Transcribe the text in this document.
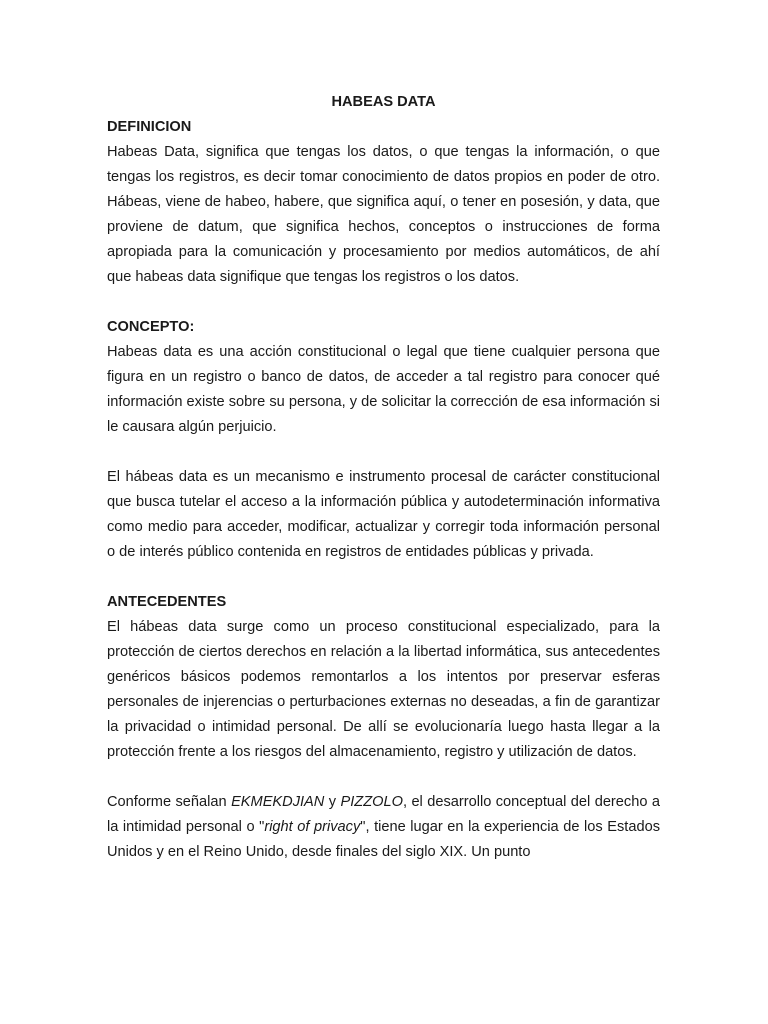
HABEAS DATA

DEFINICION

Habeas Data, significa que tengas los datos, o que tengas la información, o que tengas los registros, es decir tomar conocimiento de datos propios en poder de otro. Hábeas, viene de habeo, habere, que significa aquí, o tener en posesión, y data, que proviene de datum, que significa hechos, conceptos o instrucciones de forma apropiada para la comunicación y procesamiento por medios automáticos, de ahí que habeas data signifique que tengas los registros o los datos.

CONCEPTO:

Habeas data es una acción constitucional o legal que tiene cualquier persona que figura en un registro o banco de datos, de acceder a tal registro para conocer qué información existe sobre su persona, y de solicitar la corrección de esa información si le causara algún perjuicio.

El hábeas data es un mecanismo e instrumento procesal de carácter constitucional que busca tutelar el acceso a la información pública y autodeterminación informativa como medio para acceder, modificar, actualizar y corregir toda información personal o de interés público contenida en registros de entidades públicas y privada.

ANTECEDENTES

El hábeas data surge como un proceso constitucional especializado, para la protección de ciertos derechos en relación a la libertad informática, sus antecedentes genéricos básicos podemos remontarlos a los intentos por preservar esferas personales de injerencias o perturbaciones externas no deseadas, a fin de garantizar la privacidad o intimidad personal. De allí se evolucionaría luego hasta llegar a la protección frente a los riesgos del almacenamiento, registro y utilización de datos.

Conforme señalan EKMEKDJIAN y PIZZOLO, el desarrollo conceptual del derecho a la intimidad personal o "right of privacy", tiene lugar en la experiencia de los Estados Unidos y en el Reino Unido, desde finales del siglo XIX. Un punto
